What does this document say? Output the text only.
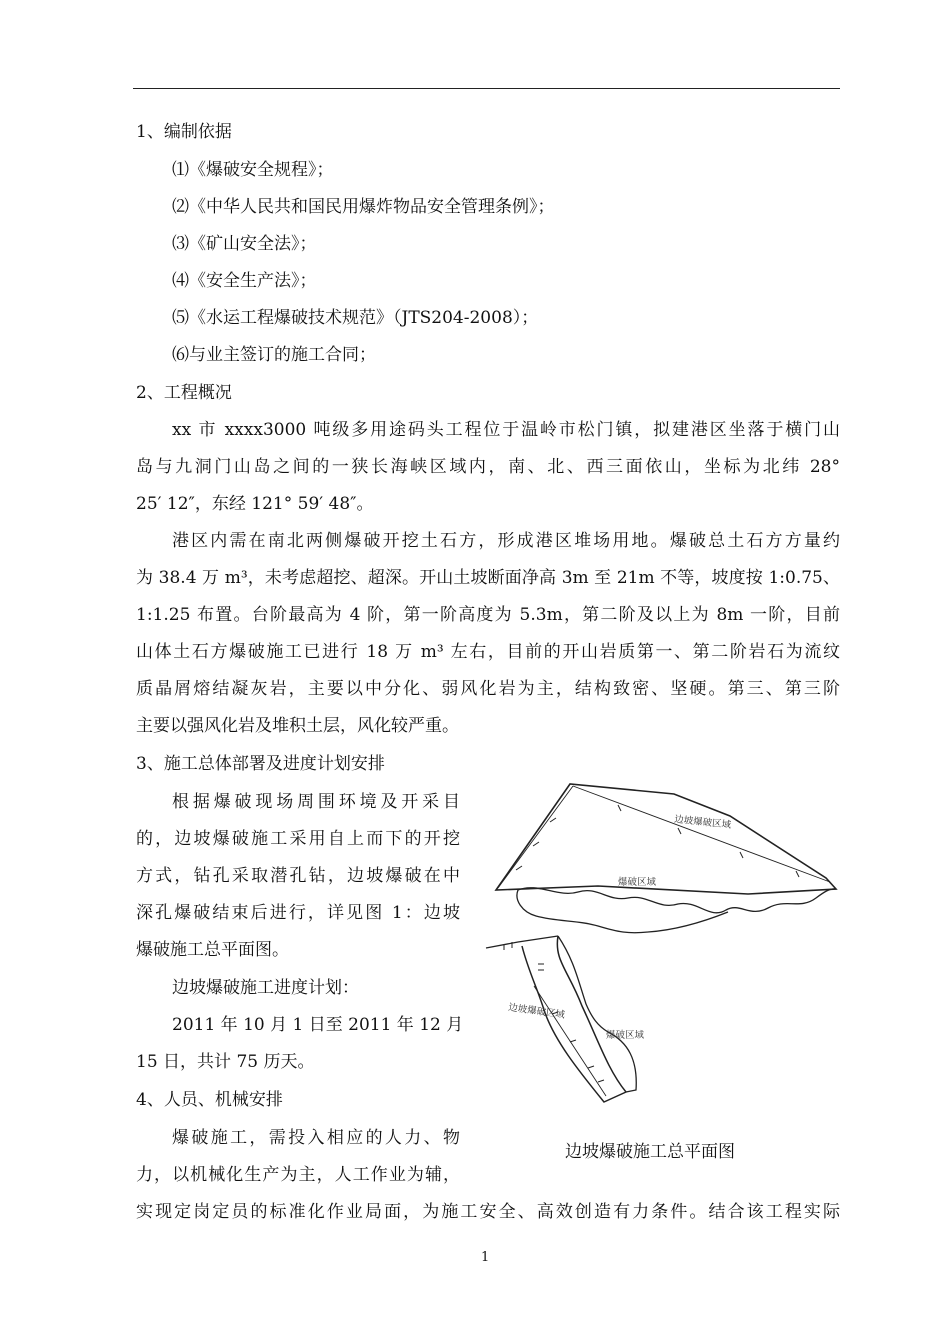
1、编制依据
⑴《爆破安全规程》；
⑵《中华人民共和国民用爆炸物品安全管理条例》；
⑶《矿山安全法》；
⑷《安全生产法》；
⑸《水运工程爆破技术规范》（JTS204-2008）；
⑹与业主签订的施工合同；
2、工程概况
xx 市 xxxx3000 吨级多用途码头工程位于温岭市松门镇，拟建港区坐落于横门山
岛与九洞门山岛之间的一狭长海峡区域内，南、北、西三面依山，坐标为北纬 28°
25′ 12″，东经 121° 59′ 48″。
港区内需在南北两侧爆破开挖土石方，形成港区堆场用地。爆破总土石方方量约
为 38.4 万 m³，未考虑超挖、超深。开山土坡断面净高 3m 至 21m 不等，坡度按 1:0.75、
1:1.25 布置。台阶最高为 4 阶，第一阶高度为 5.3m，第二阶及以上为 8m 一阶，目前
山体土石方爆破施工已进行 18 万 m³ 左右，目前的开山岩质第一、第二阶岩石为流纹
质晶屑熔结凝灰岩，主要以中分化、弱风化岩为主，结构致密、坚硬。第三、第三阶
主要以强风化岩及堆积土层，风化较严重。
3、施工总体部署及进度计划安排
根据爆破现场周围环境及开采目
的，边坡爆破施工采用自上而下的开挖
方式，钻孔采取潜孔钻，边坡爆破在中
深孔爆破结束后进行，详见图 1：边坡
爆破施工总平面图。
边坡爆破施工进度计划：
2011 年 10 月 1 日至 2011 年 12 月
15 日，共计 75 历天。
4、人员、机械安排
爆破施工，需投入相应的人力、物
力，以机械化生产为主，人工作业为辅，
实现定岗定员的标准化作业局面，为施工安全、高效创造有力条件。结合该工程实际
边坡爆破区域
爆破区域
边坡爆破区域
爆破区域
边坡爆破施工总平面图
1
